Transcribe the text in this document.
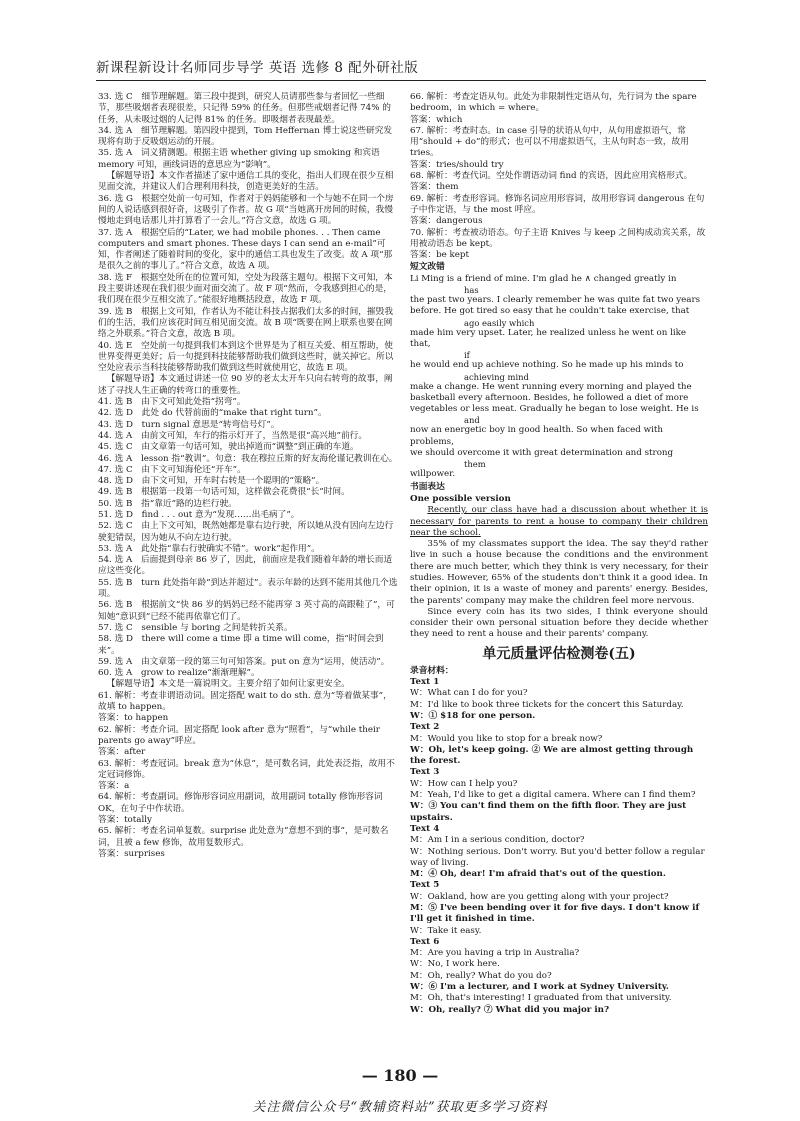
新课程新设计名师同步导学 英语 选修 8 配外研社版

33. 选 C　细节理解题。第三段中提到，研究人员请那些参与者回忆一些细节，那些吸烟者表现很差，只记得 59% 的任务。但那些戒烟者记得 74% 的任务，从未吸过烟的人记得 81% 的任务。即吸烟者表现最差。

34. 选 A　细节理解题。第四段中提到，Tom Heffernan 博士说这些研究发现将有助于反吸烟运动的开展。

35. 选 A　词义猜测题。根据主语 whether giving up smoking 和宾语 memory 可知，画线词语的意思应为“影响”。

【解题导语】本文作者描述了家中通信工具的变化，指出人们现在很少互相见面交流，并建议人们合理利用科技，创造更美好的生活。

36. 选 G　根据空处前一句可知，作者对于妈妈能够和一个与她不在同一个房间的人说话感到很好奇，这吸引了作者。故 G 项“当她离开房间的时候，我慢慢地走到电话那儿并打算看了一会儿。”符合文意，故选 G 项。

37. 选 A　根据空后的“Later, we had mobile phones. . . Then came computers and smart phones. These days I can send an e-mail”可知，作者阐述了随着时间的变化，家中的通信工具也发生了改变。故 A 项“那是很久之前的事儿了。”符合文意，故选 A 项。

38. 选 F　根据空处所在的位置可知，空处为段落主题句。根据下文可知，本段主要讲述现在我们很少面对面交流了。故 F 项“然而，令我感到担心的是，我们现在很少互相交流了。”能很好地概括段意，故选 F 项。

39. 选 B　根据上文可知，作者认为不能让科技占据我们太多的时间，摧毁我们的生活，我们应该花时间互相见面交流。故 B 项“既要在网上联系也要在网络之外联系。”符合文意，故选 B 项。

40. 选 E　空处前一句提到我们本到这个世界是为了相互关爱、相互帮助，使世界变得更美好；后一句提到科技能够帮助我们做到这些时，就关掉它。所以空处应表示当科技能够帮助我们做到这些时就使用它，故选 E 项。

【解题导语】本文通过讲述一位 90 岁的老太太开车只向右转弯的故事，阐述了寻找人生正确的转弯口的重要性。

41. 选 B　由下文可知此处指“拐弯”。

42. 选 D　此处 do 代替前面的“make that right turn”。

43. 选 D　turn signal 意思是“转弯信号灯”。

44. 选 A　由前文可知，车行的指示灯开了，当然是很“高兴地”前行。

45. 选 C　由文章第一句话可知，驶出掉道而“调整”到正确的车道。

46. 选 A　lesson 指“教训”。句意：我在穆拉丘斯的好友海伦谨记教训在心。

47. 选 C　由下文可知海伦还“开车”。

48. 选 D　由下文可知，开车时右转是一个聪明的“策略”。

49. 选 B　根据第一段第一句话可知，这样做会花费很“长”时间。

50. 选 B　指“靠近”路的边栏行驶。

51. 选 D　find . . . out 意为“发现……出毛病了”。

52. 选 C　由上下文可知，既然她都是靠右边行驶，所以她从没有因向左边行驶犯错误，因为她从不向左边行驶。

53. 选 A　此处指“靠右行驶确实不错”。work“起作用”。

54. 选 A　后面提到母亲 86 岁了，因此，前面应是我们随着年龄的增长而适应这些变化。

55. 选 B　turn 此处指年龄“到达并超过”。表示年龄的达到不能用其他几个选项。

56. 选 B　根据前文“快 86 岁的妈妈已经不能再穿 3 英寸高的高跟鞋了”，可知她“意识到”已经不能再依靠它们了。

57. 选 C　sensible 与 boring 之间是转折关系。

58. 选 D　there will come a time 即 a time will come，指“时间会到来”。

59. 选 A　由文章第一段的第三句可知答案。put on 意为“运用，使活动”。

60. 选 A　grow to realize“渐渐理解”。

【解题导语】本文是一篇说明文。主要介绍了如何让家更安全。

61. 解析：考查非谓语动词。固定搭配 wait to do sth. 意为“等着做某事”，故填 to happen。

答案：to happen

62. 解析：考查介词。固定搭配 look after 意为“照看”，与“while their parents go away”呼应。

答案：after

63. 解析：考查冠词。break 意为“休息”，是可数名词，此处表泛指，故用不定冠词修饰。

答案：a

64. 解析：考查副词。修饰形容词应用副词，故用副词 totally 修饰形容词 OK，在句子中作状语。

答案：totally

65. 解析：考查名词单复数。surprise 此处意为“意想不到的事”，是可数名词，且被 a few 修饰，故用复数形式。

答案：surprises

66. 解析：考查定语从句。此处为非限制性定语从句，先行词为 the spare bedroom，in which = where。

答案：which

67. 解析：考查时态。in case 引导的状语从句中，从句用虚拟语气，常用“should + do”的形式；也可以不用虚拟语气，主从句时态一致，故用 tries。

答案：tries/should try

68. 解析：考查代词。空处作谓语动词 find 的宾语，因此应用宾格形式。

答案：them

69. 解析：考查形容词。修饰名词应用形容词，故用形容词 dangerous 在句子中作定语，与 the most 呼应。

答案：dangerous

70. 解析：考查被动语态。句子主语 Knives 与 keep 之间构成动宾关系，故用被动语态 be kept。

答案：be kept

短文改错
Li Ming is a friend of mine. I'm glad he ∧ changed greatly in
has
the past two years. I clearly remember he was quite fat two years
before. He got tired so easy that he couldn't take exercise, that
ago easily which
made him very upset. Later, he realized unless he went on like that,
if
he would end up achieve nothing. So he made up his minds to
achieving mind
make a change. He went running every morning and played the
basketball every afternoon. Besides, he followed a diet of more
vegetables or less meat. Gradually he began to lose weight. He is
and
now an energetic boy in good health. So when faced with problems,
we should overcome it with great determination and strong
them
willpower.
书面表达
One possible version

Recently, our class have had a discussion about whether it is necessary for parents to rent a house to company their children near the school.

35% of my classmates support the idea. The say they'd rather live in such a house because the conditions and the environment there are much better, which they think is very necessary, for their studies. However, 65% of the students don't think it a good idea. In their opinion, it is a waste of money and parents' energy. Besides, the parents' company may make the children feel more nervous.

Since every coin has its two sides, I think everyone should consider their own personal situation before they decide whether they need to rent a house and their parents' company.

单元质量评估检测卷(五)
录音材料：
Text 1
W：What can I do for you?
M：I'd like to book three tickets for the concert this Saturday.
W：① $18 for one person.
Text 2
M：Would you like to stop for a break now?
W：Oh, let's keep going. ② We are almost getting through the forest.
Text 3
W：How can I help you?
M：Yeah, I'd like to get a digital camera. Where can I find them?
W：③ You can't find them on the fifth floor. They are just upstairs.
Text 4
M：Am I in a serious condition, doctor?
W：Nothing serious. Don't worry. But you'd better follow a regular way of living.
M：④ Oh, dear! I'm afraid that's out of the question.
Text 5
W：Oakland, how are you getting along with your project?
M：⑤ I've been bending over it for five days. I don't know if I'll get it finished in time.
W：Take it easy.
Text 6
M：Are you having a trip in Australia?
W：No, I work here.
M：Oh, really? What do you do?
W：⑥ I'm a lecturer, and I work at Sydney University.
M：Oh, that's interesting! I graduated from that university.
W：Oh, really? ⑦ What did you major in?
— 180 —
关注微信公众号“教辅资料站”获取更多学习资料
